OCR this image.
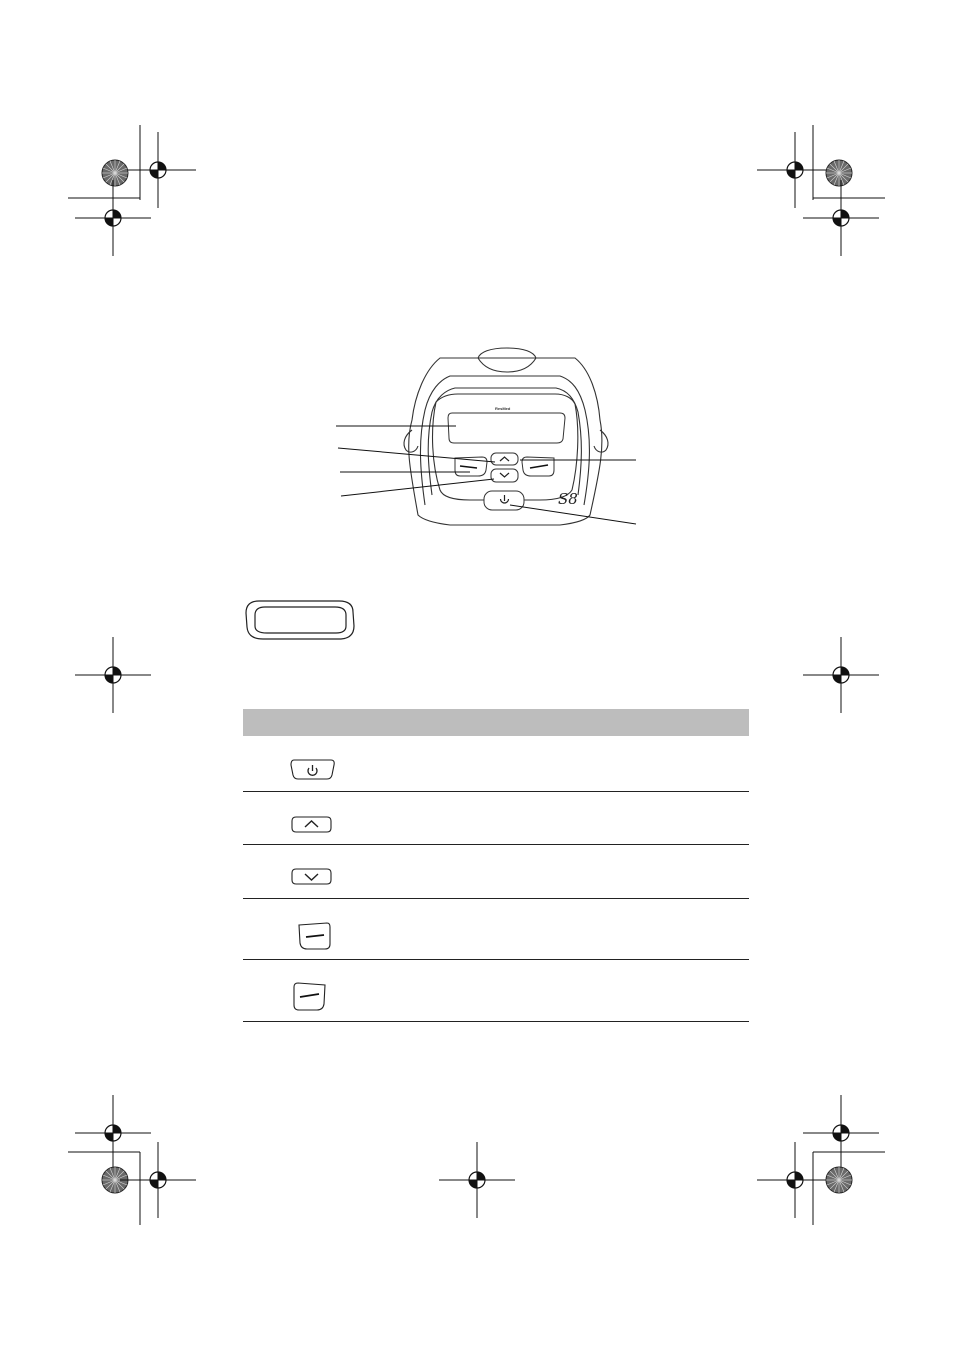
ResMed
S8
